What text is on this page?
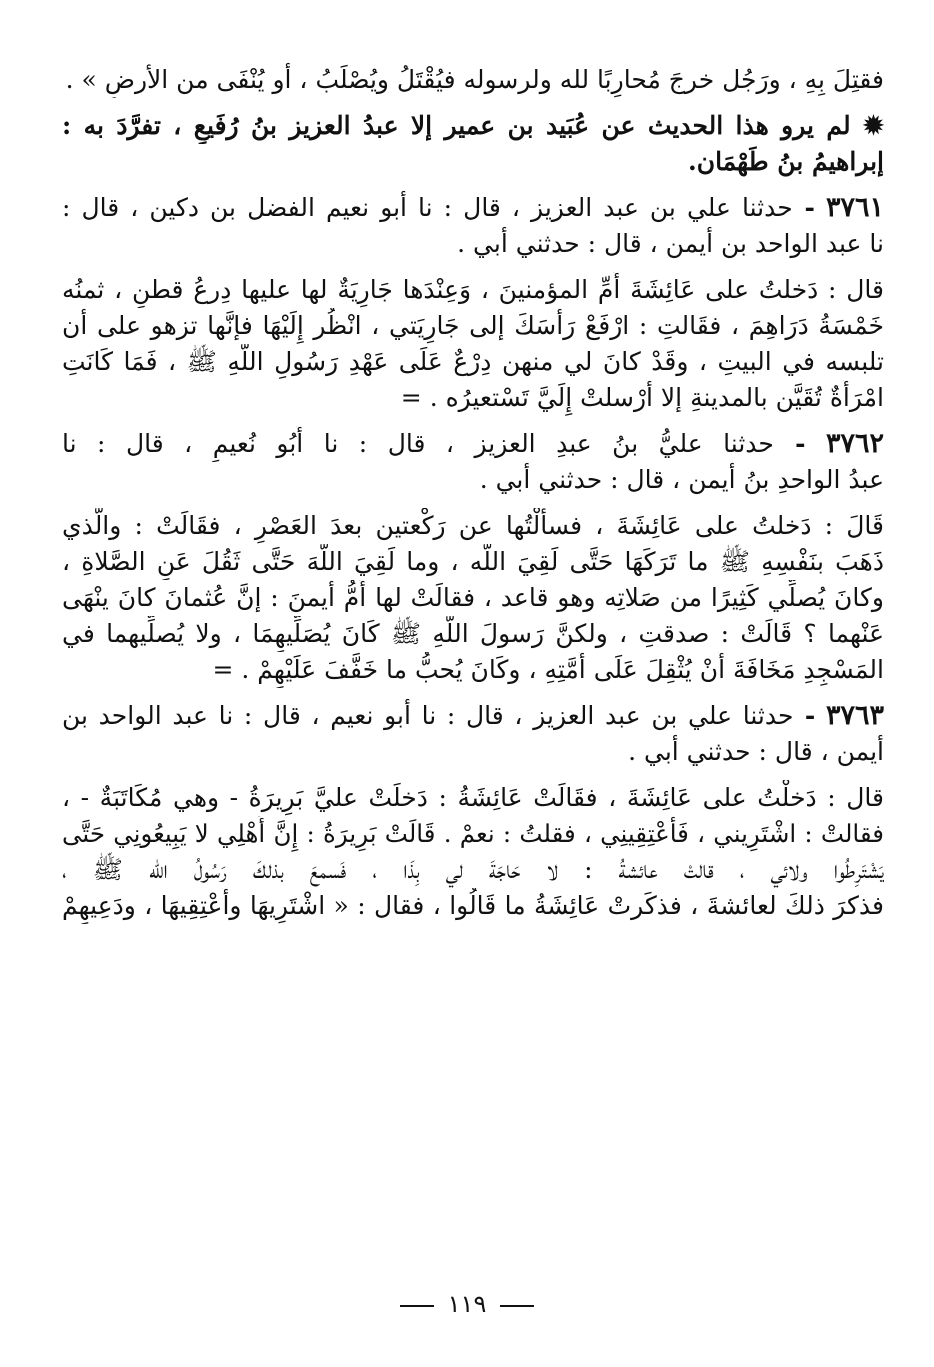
فقتِلَ بِهِ ، ورَجُل خرجَ مُحارِبًا لله ولرسوله فيُقْتَلُ ويُصْلَبُ ، أو يُنْفَى من الأرضِ » .
✹ لم يرو هذا الحديث عن عُبَيد بن عمير إلا عبدُ العزيز بنُ رُفَيعٍ ، تفرَّدَ به :
إبراهيمُ بنُ طَهْمَان.
٣٧٦١ - حدثنا علي بن عبد العزيز ، قال : نا أبو نعيم الفضل بن دكين ، قال :
نا عبد الواحد بن أيمن ، قال : حدثني أبي .
قال : دَخلتُ على عَائِشَةَ أُمِّ المؤمنينَ ، وَعِنْدَها جَارِيَةٌ لها عليها دِرعُ قطنٍ ، ثمنُه
خَمْسَةُ دَرَاهِمَ ، فقَالتِ : ارْفَعْ رَأْسَكَ إلى جَارِيَتي ، انْظُر إِلَيْهَا فإنَّها تزهو على أن
تلبسه في البيتِ ، وقَدْ كانَ لي منهن دِرْعٌ عَلَى عَهْدِ رَسُولِ اللَّهِ ﷺ ، فَمَا كَانَتِ
امْرَأَةٌ تُقَيَّن بالمدينةِ إلا أَرْسلتْ إِلَيَّ تَسْتعيرُه . =
٣٧٦٢ - حدثنا عليُّ بنُ عبدِ العزيز ، قال : نا أَبُو نُعيمٍ ، قال : نا
عبدُ الواحدِ بنُ أيمن ، قال : حدثني أبي .
قَالَ : دَخلتُ على عَائِشَةَ ، فسألْتُها عن رَكْعتين بعدَ العَصْرِ ، فقَالَتْ : والَّذي
ذَهَبَ بنَفْسِهِ ﷺ ما تَرَكَهَا حَتَّى لَقِيَ اللَّه ، وما لَقِيَ اللَّهَ حَتَّى ثَقُلَ عَنِ الصَّلاةِ ،
وكانَ يُصلِّي كَثِيرًا من صَلاتِه وهو قاعد ، فقالَتْ لها أُمُّ أيمنَ : إنَّ عُثمانَ كانَ ينْهَى
عَنْهما ؟ قَالَتْ : صدقتِ ، ولكنَّ رَسولَ اللَّهِ ﷺ كَانَ يُصَلِّيهِمَا ، ولا يُصلِّيهما في
المَسْجِدِ مَخَافَةَ أَنْ يُثْقِلَ عَلَى أُمَّتِهِ ، وكَانَ يُحبُّ ما خَفَّفَ عَلَيْهِمْ . =
٣٧٦٣ - حدثنا علي بن عبد العزيز ، قال : نا أبو نعيم ، قال : نا عبد الواحد بن
أيمن ، قال : حدثني أبي .
قال : دَخلْتُ على عَائِشَةَ ، فقَالَتْ عَائِشَةُ : دَخلَتْ عليَّ بَرِيرَةُ - وهي مُكَاتَبَةٌ - ،
فقالتْ : اشْتَرِيني ، فَأَعْتِقِينِي ، فقلتُ : نعمْ . قَالَتْ بَرِيرَةُ : إِنَّ أَهْلِي لا يَبِيعُونِي حَتَّى
يَشْتَرِطُوا ولائي ، قالتْ عائشةُ : لا حَاجَةَ لي بِذَا ، فَسمعَ بذلكَ رَسُولُ الله ﷺ ،
فذكرَ ذلكَ لعائشةَ ، فذكَرتْ عَائِشَةُ ما قَالُوا ، فقال : « اشْتَرِيهَا وأَعْتِقِيهَا ، ودَعِيهِمْ
١١٩
